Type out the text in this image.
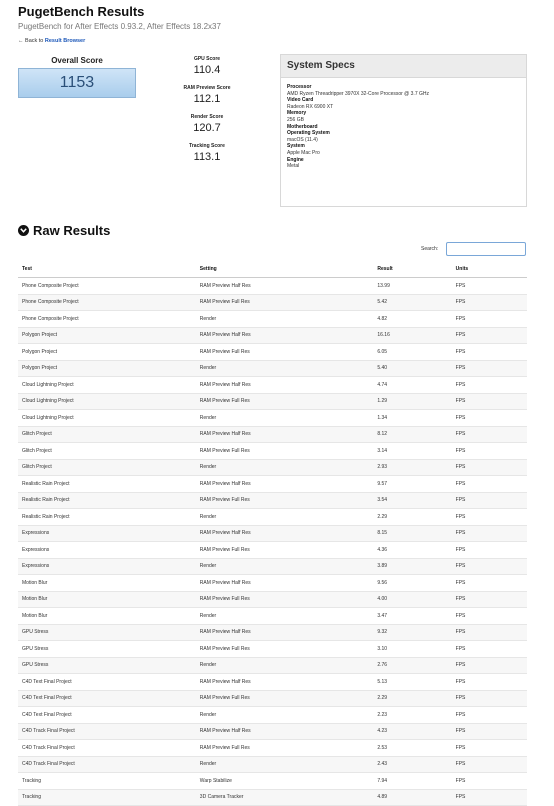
PugetBench Results
PugetBench for After Effects 0.93.2, After Effects 18.2x37
← Back to Result Browser
Overall Score
1153
GPU Score
110.4
RAM Preview Score
112.1
Render Score
120.7
Tracking Score
113.1
System Specs
Processor
AMD Ryzen Threadripper 3970X 32-Core Processor @ 3.7 GHz
Video Card
Radeon RX 6900 XT
Memory
256 GB
Motherboard
Operating System
macOS (11.4)
System
Apple Mac Pro
Engine
Metal
Raw Results
Search:
Test	Setting	Result	Units
Phone Composite Project	RAM Preview Half Res	13.99	FPS
Phone Composite Project	RAM Preview Full Res	5.42	FPS
Phone Composite Project	Render	4.82	FPS
Polygon Project	RAM Preview Half Res	16.16	FPS
Polygon Project	RAM Preview Full Res	6.05	FPS
Polygon Project	Render	5.40	FPS
Cloud Lightning Project	RAM Preview Half Res	4.74	FPS
Cloud Lightning Project	RAM Preview Full Res	1.29	FPS
Cloud Lightning Project	Render	1.34	FPS
Glitch Project	RAM Preview Half Res	8.12	FPS
Glitch Project	RAM Preview Full Res	3.14	FPS
Glitch Project	Render	2.93	FPS
Realistic Rain Project	RAM Preview Half Res	9.57	FPS
Realistic Rain Project	RAM Preview Full Res	3.54	FPS
Realistic Rain Project	Render	2.29	FPS
Expressions	RAM Preview Half Res	8.15	FPS
Expressions	RAM Preview Full Res	4.36	FPS
Expressions	Render	3.89	FPS
Motion Blur	RAM Preview Half Res	9.56	FPS
Motion Blur	RAM Preview Full Res	4.00	FPS
Motion Blur	Render	3.47	FPS
GPU Stress	RAM Preview Half Res	9.32	FPS
GPU Stress	RAM Preview Full Res	3.10	FPS
GPU Stress	Render	2.76	FPS
C4D Text Final Project	RAM Preview Half Res	5.13	FPS
C4D Text Final Project	RAM Preview Full Res	2.29	FPS
C4D Text Final Project	Render	2.23	FPS
C4D Track Final Project	RAM Preview Half Res	4.23	FPS
C4D Track Final Project	RAM Preview Full Res	2.53	FPS
C4D Track Final Project	Render	2.43	FPS
Tracking	Warp Stabilize	7.94	FPS
Tracking	3D Camera Tracker	4.89	FPS
